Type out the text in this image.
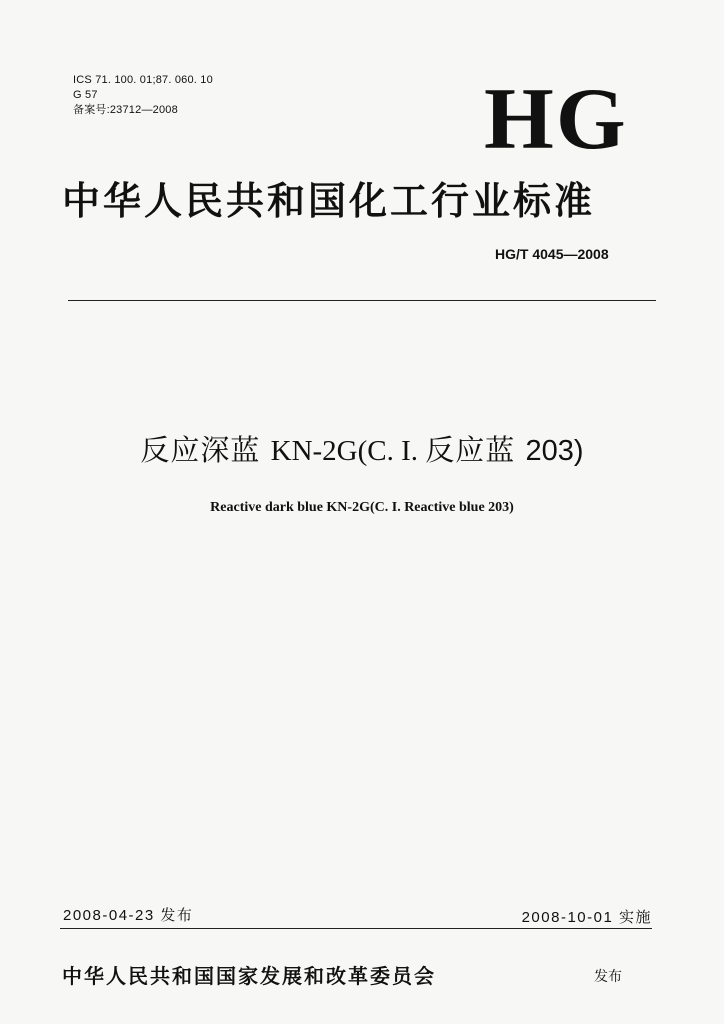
ICS 71. 100. 01;87. 060. 10
G 57
备案号:23712—2008	HG
中华人民共和国化工行业标准
HG/T 4045—2008
反应深蓝 KN-2G(C. I. 反应蓝 203)
Reactive dark blue KN-2G(C. I. Reactive blue 203)
2008-04-23 发布	2008-10-01 实施
中华人民共和国国家发展和改革委员会	发布
